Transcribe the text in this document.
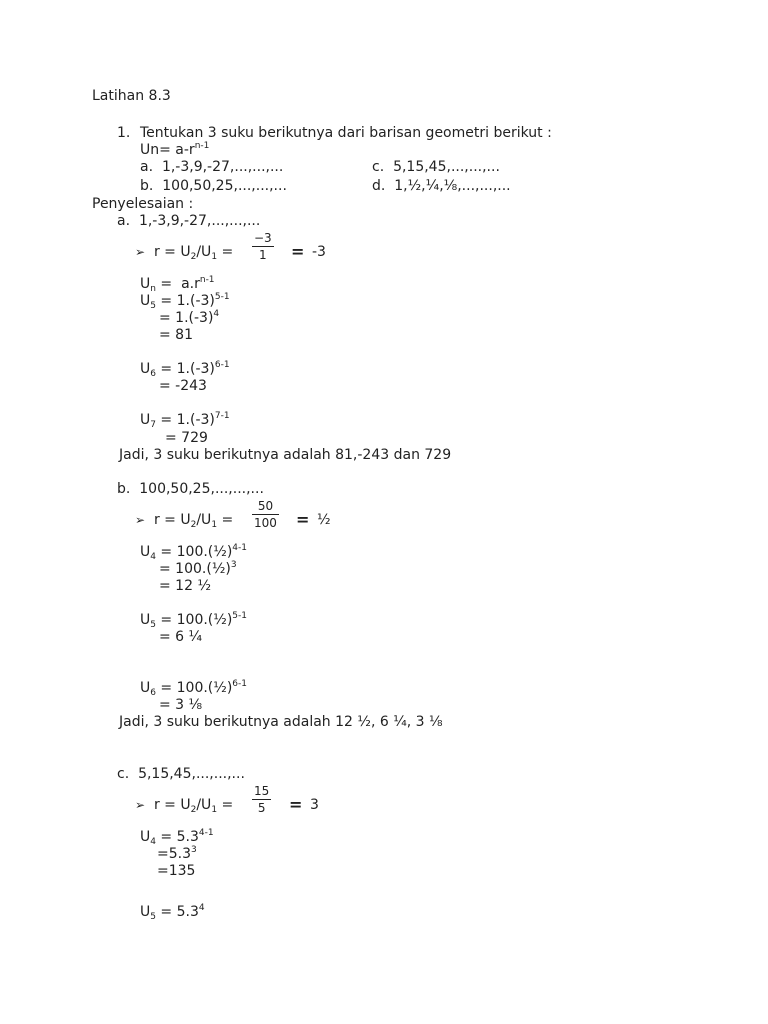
Latihan 8.3
1. Tentukan 3 suku berikutnya dari barisan geometri berikut :
$Un= a-r^{n-1}$
a. 1,-3,9,-27,...,...,...
b. 100,50,25,...,...,...
c. 5,15,45,...,...,...
d. 1,½,¼,⅛,...,...,...
Penyelesaian :
a. 1,-3,9,-27,...,...,...
➢  $r = U_2/U_1$ =
−3
1 = -3
$U_n = a.r^{n-1}$
$U_5 = 1.(-3)^{5-1}$
= $1.(-3)^4$
= 81
$U_6 = 1.(-3)^{6-1}$
= -243
$U_7 = 1.(-3)^{7-1}$
= 729
Jadi, 3 suku berikutnya adalah 81,-243 dan 729
b. 100,50,25,...,...,...
➢  $r = U_2/U_1$ =
50
100 = ½
$U_4$ = 100.(½)$^{4-1}$
= 100.(½)$^3$
= 12 ½
$U_5$ = 100.(½)$^{5-1}$
= 6 ¼
$U_6$ = 100.(½)$^{6-1}$
= 3 ⅛
Jadi, 3 suku berikutnya adalah 12 ½, 6 ¼, 3 ⅛
c. 5,15,45,...,...,...
➢  $r = U_2/U_1$ =
15
5 = 3
$U_4 = 5.3^{4-1}$
$=5.3^3$
=135
$U_5 = 5.3^4$
